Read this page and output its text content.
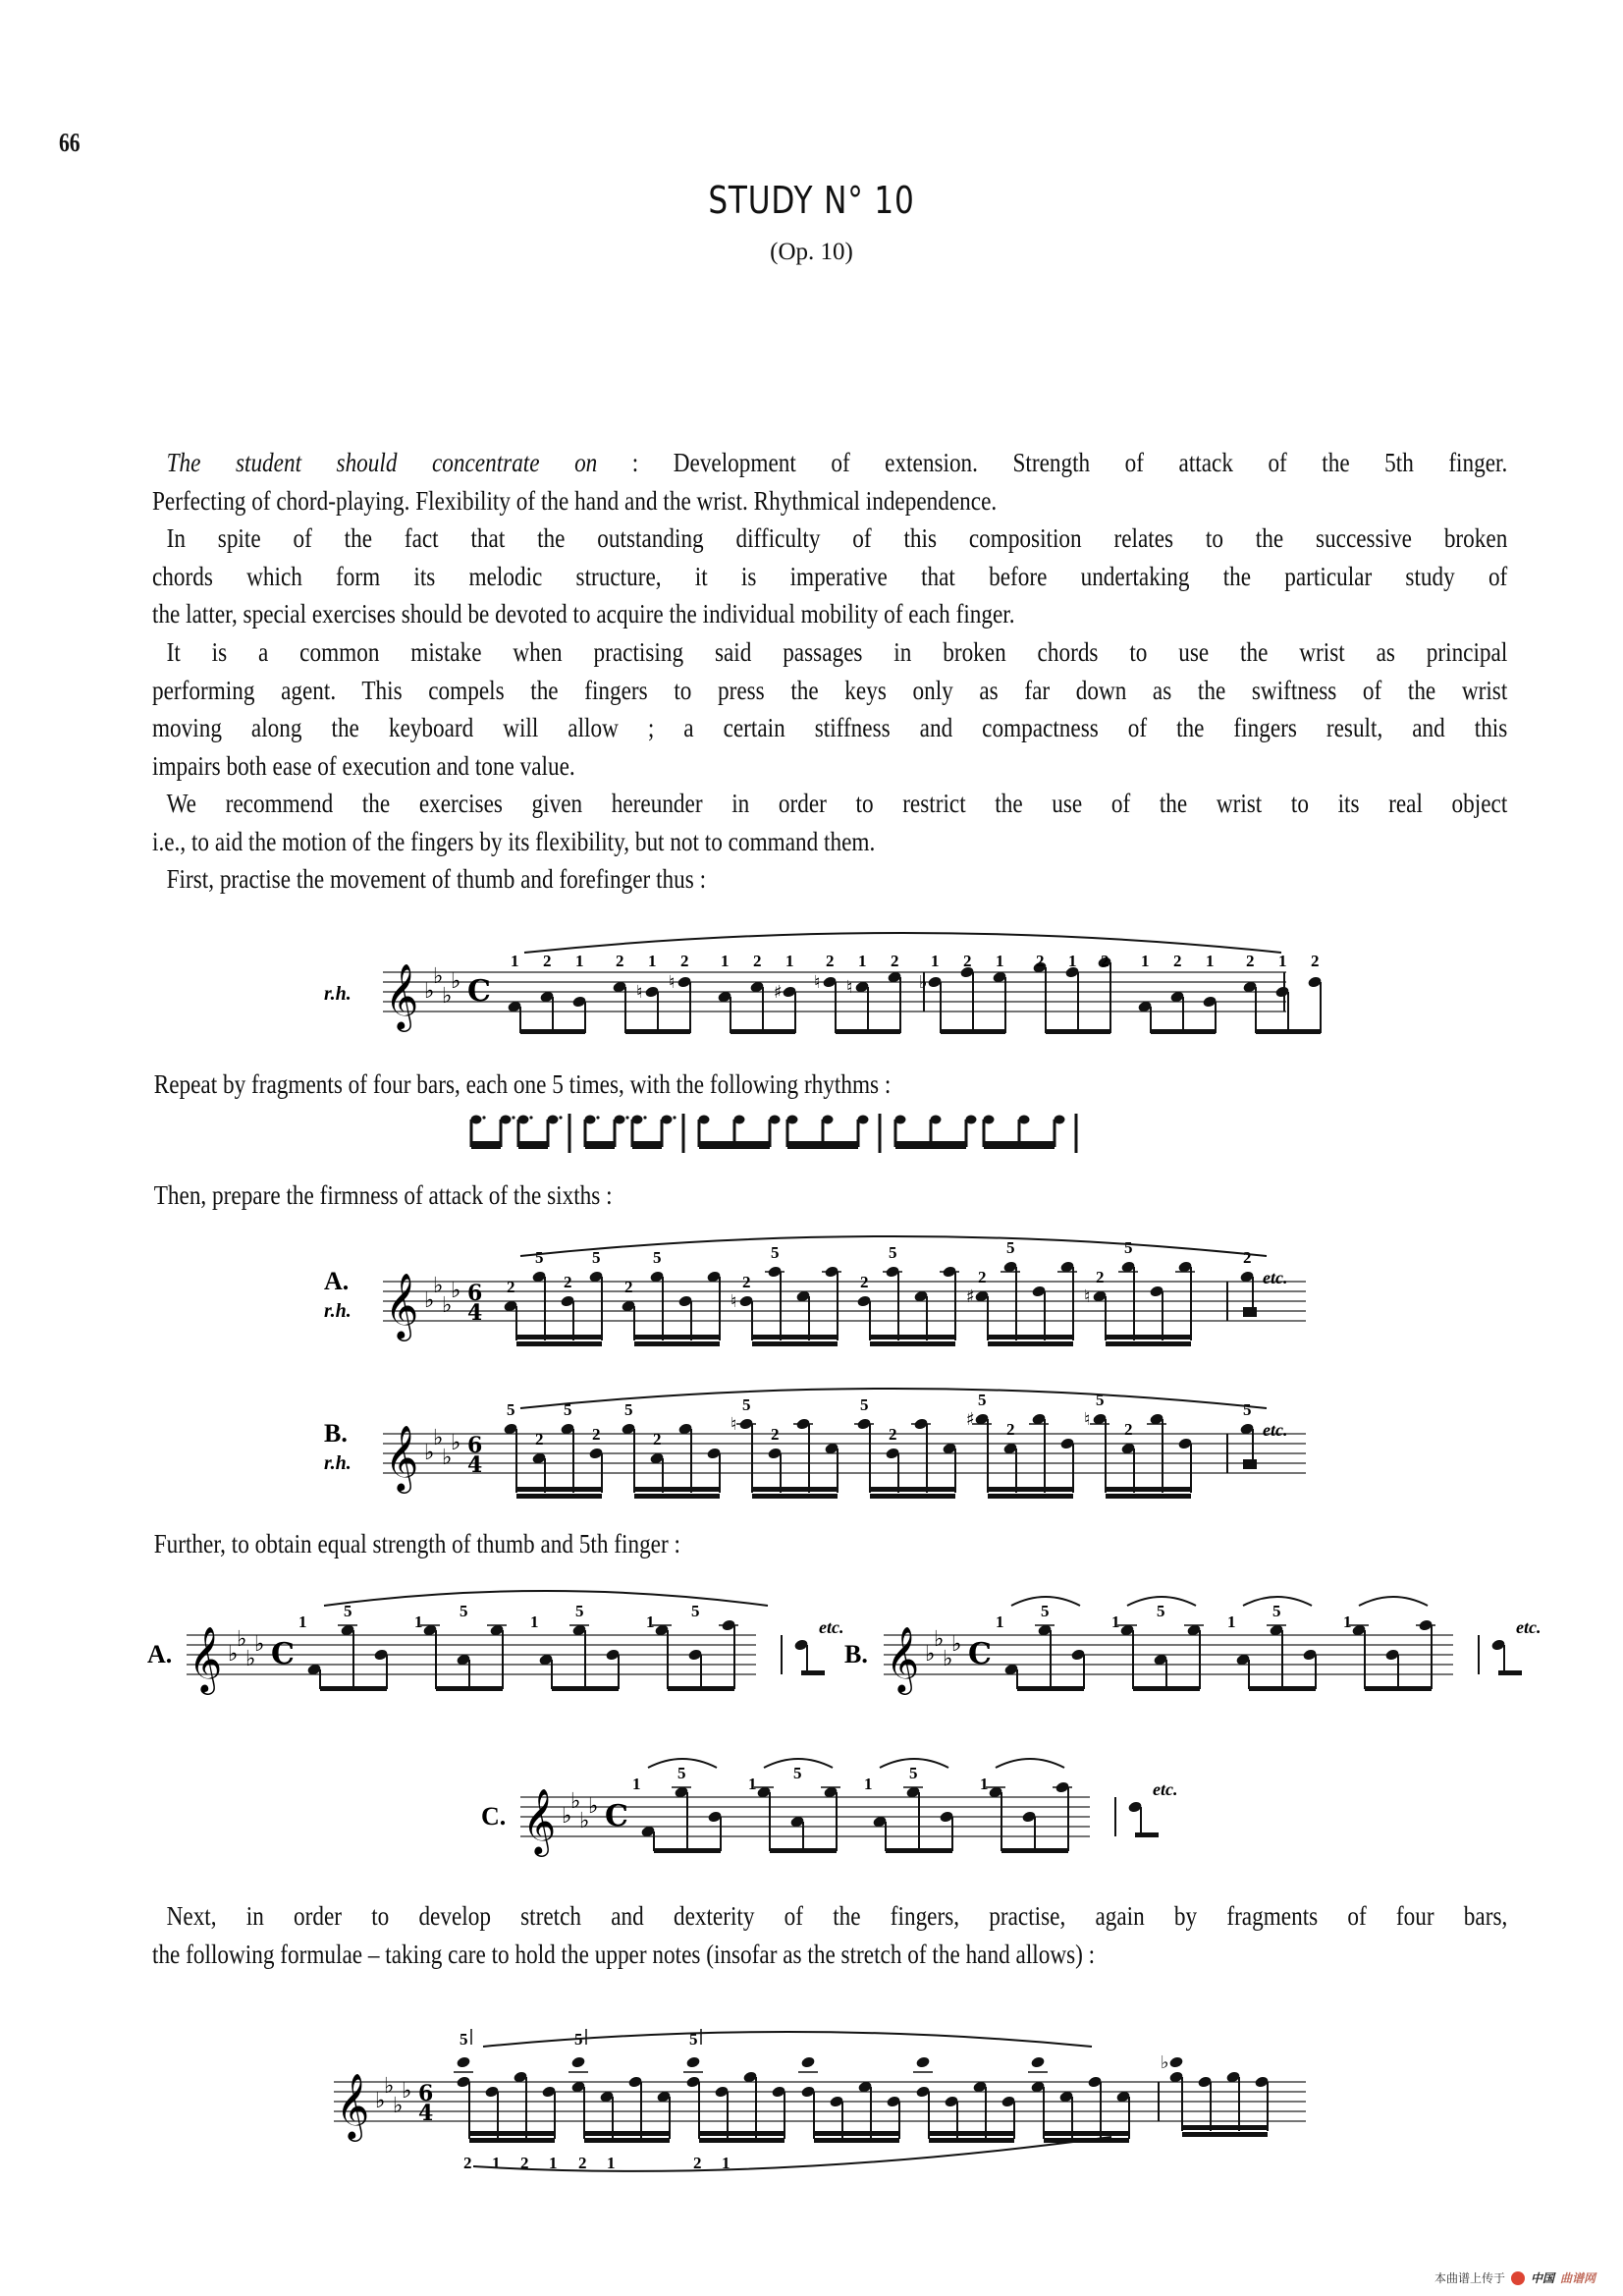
66
STUDY N° 10
(Op. 10)
The student should concentrate on : Development of extension. Strength of attack of the 5th finger.
Perfecting of chord-playing. Flexibility of the hand and the wrist. Rhythmical independence.
In spite of the fact that the outstanding difficulty of this composition relates to the successive broken
chords which form its melodic structure, it is imperative that before undertaking the particular study of
the latter, special exercises should be devoted to acquire the individual mobility of each finger.
It is a common mistake when practising said passages in broken chords to use the wrist as principal
performing agent. This compels the fingers to press the keys only as far down as the swiftness of the wrist
moving along the keyboard will allow ; a certain stiffness and compactness of the fingers result, and this
impairs both ease of execution and tone value.
We recommend the exercises given hereunder in order to restrict the use of the wrist to its real object
i.e., to aid the motion of the fingers by its flexibility, but not to command them.
First, practise the movement of thumb and forefinger thus :
r.h. 𝄞 ♭
♭
♭
♭ C
1 2 1 2
♮
1
♮
2 1 2
♯
1
♮
2
♮
1 2
♭
1 2 1 2 1 2 1 2 1 2 1 2
Repeat by fragments of four bars, each one 5 times, with the following rhythms :
Then, prepare the firmness of attack of the sixths :
A.
r.h. 𝄞 ♭
♭
♭
♭ 6
4
2
5
2
5
2
5
2
♮
5
2
5
2
♯
5
2
♮
5
2
etc.
B.
r.h. 𝄞 ♭
♭
♭
♭ 6
4
5
2
5
2
5
2
5
♮ 2
5
2
5
♯ 2
5
♮ 2
5
etc.
Further, to obtain equal strength of thumb and 5th finger :
A. 𝄞 ♭
♭
♭
♭ C
1
5
1
5
1
5
1
5
etc.
B. 𝄞 ♭
♭
♭
♭ C
1
5
1
5
1
5
1	etc.
C. 𝄞 ♭
♭
♭
♭ C
1
5
1
5
1
5
1	etc.
Next, in order to develop stretch and dexterity of the fingers, practise, again by fragments of four bars,
the following formulae – taking care to hold the upper notes (insofar as the stretch of the hand allows) :
𝄞 ♭
♭
♭
♭ 6
4
5	5	5
♭
2 1 2 1 2 1	2 1
本曲谱上传于 中国 曲谱网
